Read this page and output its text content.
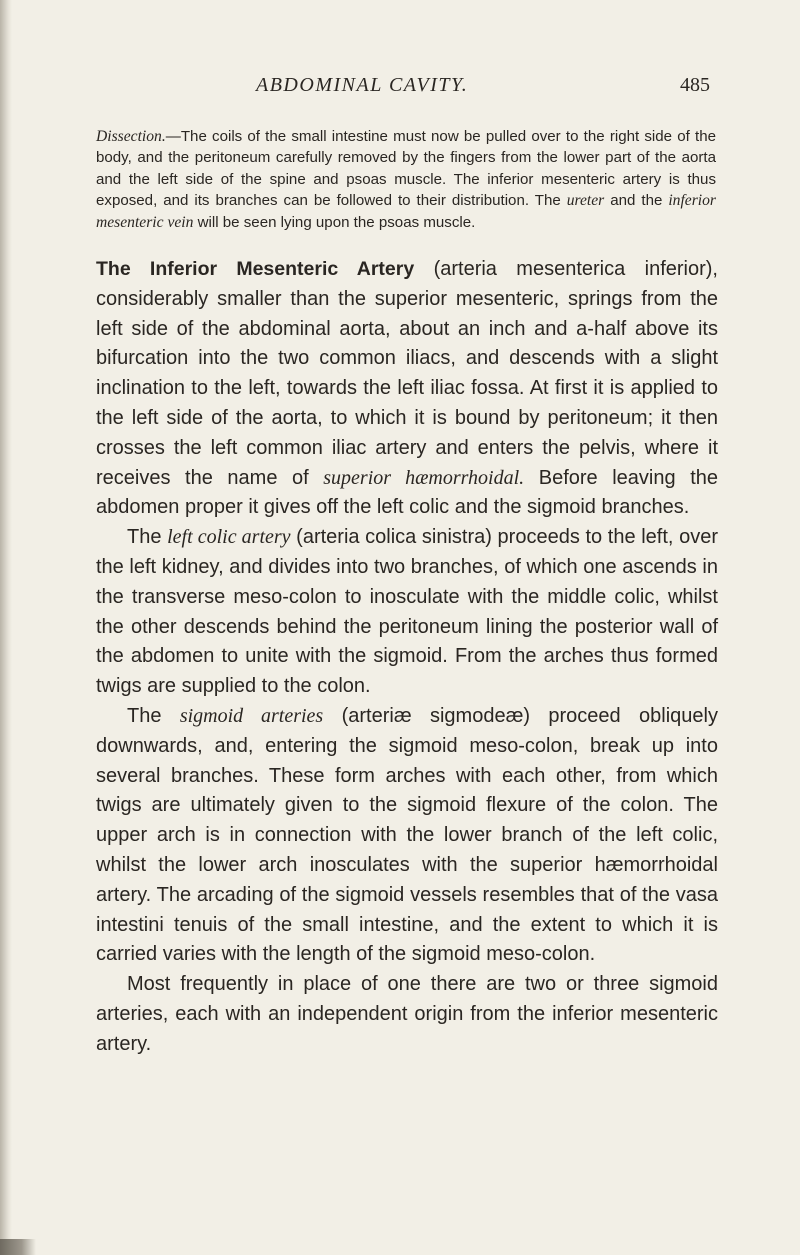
ABDOMINAL CAVITY.	485
Dissection.—The coils of the small intestine must now be pulled over to the right side of the body, and the peritoneum carefully removed by the fingers from the lower part of the aorta and the left side of the spine and psoas muscle. The inferior mesenteric artery is thus exposed, and its branches can be followed to their distribution. The ureter and the inferior mesenteric vein will be seen lying upon the psoas muscle.

The Inferior Mesenteric Artery (arteria mesenterica inferior), considerably smaller than the superior mesenteric, springs from the left side of the abdominal aorta, about an inch and a-half above its bifurcation into the two common iliacs, and descends with a slight inclination to the left, towards the left iliac fossa. At first it is applied to the left side of the aorta, to which it is bound by peritoneum; it then crosses the left common iliac artery and enters the pelvis, where it receives the name of superior hæmorrhoidal. Before leaving the abdomen proper it gives off the left colic and the sigmoid branches.

The left colic artery (arteria colica sinistra) proceeds to the left, over the left kidney, and divides into two branches, of which one ascends in the transverse meso-colon to inosculate with the middle colic, whilst the other descends behind the peritoneum lining the posterior wall of the abdomen to unite with the sigmoid. From the arches thus formed twigs are supplied to the colon.

The sigmoid arteries (arteriæ sigmodeæ) proceed obliquely downwards, and, entering the sigmoid meso-colon, break up into several branches. These form arches with each other, from which twigs are ultimately given to the sigmoid flexure of the colon. The upper arch is in connection with the lower branch of the left colic, whilst the lower arch inosculates with the superior hæmorrhoidal artery. The arcading of the sigmoid vessels resembles that of the vasa intestini tenuis of the small intestine, and the extent to which it is carried varies with the length of the sigmoid meso-colon.

Most frequently in place of one there are two or three sigmoid arteries, each with an independent origin from the inferior mesenteric artery.
